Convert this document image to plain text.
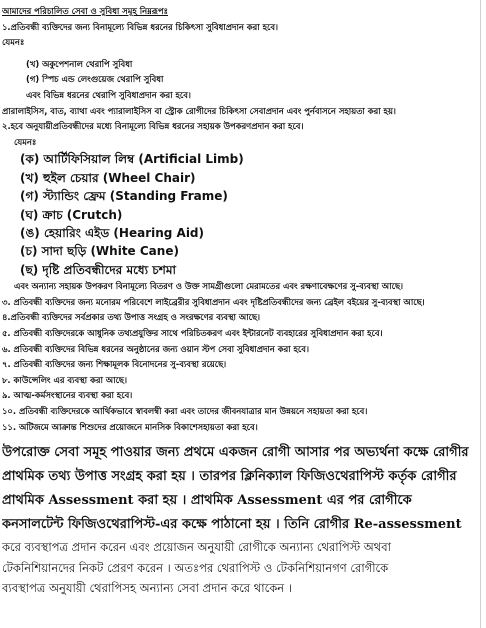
আমাদের পরিচালিত সেবা ও সুবিধা সমূহ নিম্নরূপঃ
১.প্রতিবন্ধী ব্যক্তিদের জন্য বিনামূল্যে বিভিন্ন ধরনের চিকিৎসা সুবিধাপ্রদান করা হবে।
যেমনঃ
(খ) অকুপেশনাল থেরাপি সুবিধা
(গ) স্পিচ এন্ড লেংগুয়েজ থেরাপি সুবিধা
এবং বিভিন্ন ধরনের থেরাপি সুবিধাপ্রদান করা হবে।
প্রারালাইসিস, বাত, ব্যাথা এবং প্যারালাইসিস বা স্ট্রোক রোগীদের চিকিৎসা সেবাপ্রদান এবং পুর্নবাসনে সহায়তা করা হয়।
২.হবে অনুযায়ীপ্রতিবন্ধীদের মধ্যে বিনামূল্যে বিভিন্ন ধরনের সহায়ক উপকরণপ্রদান করা হবে।
যেমনঃ
(ক) আর্টিফিসিয়াল লিম্ব (Artificial Limb)
(খ) হুইল চেয়ার (Wheel Chair)
(গ) স্ট্যান্ডিং ফ্রেম (Standing Frame)
(ঘ) ক্রাচ (Crutch)
(ঙ) হেয়ারিং এইড (Hearing Aid)
(চ) সাদা ছড়ি (White Cane)
(ছ) দৃষ্টি প্রতিবন্ধীদের মধ্যে চশমা
এবং অন্যান্য সহায়ক উপকরণ বিনামূল্যে বিতরণ ও উক্ত সামগ্রীগুলো মেরামতের এবং রক্ষণাবেক্ষণের সু-ব্যবস্থা আছে।
৩. প্রতিবন্ধী ব্যক্তিদের জন্য মনোরম পরিবেশে লাইব্রেরীর সুবিধাপ্রদান এবং দৃষ্টিপ্রতিবন্ধীদের জন্য ব্রেইল বইয়ের সু-ব্যবস্থা আছে।
৪.প্রতিবন্ধী ব্যক্তিদের সর্বপ্রকার তথ্য উপাত্ত সংগ্রহ ও সংরক্ষণের ব্যবস্থা আছে।
৫. প্রতিবন্ধী ব্যক্তিদেরকে আধুনিক তথ্যপ্রযুক্তির সাথে পরিচিতকরণ এবং ইন্টারনেট ব্যবহারের সুবিধাপ্রদান করা হবে।
৬. প্রতিবন্ধী ব্যক্তিদের বিভিন্ন ধরনের অনুষ্ঠানের জন্য ওয়ান স্টপ সেবা সুবিধাপ্রদান করা হবে।
৭. প্রতিবন্ধী ব্যক্তিদের জন্য শিক্ষামূলক বিনোদনের সু-ব্যবস্থা রয়েছে।
৮. কাউন্সেলিং এর ব্যবস্থা করা আছে।
৯. আত্ম-কর্মসংস্থানের ব্যবস্থা করা হবে।
১০. প্রতিবন্ধী ব্যক্তিদেরকে আর্থিকভাবে স্বাবলম্বী করা এবং তাদের জীবনযাত্রার মান উন্নয়নে সহায়তা করা হবে।
১১. অটিজমে আক্রান্ত শিশুদের প্রয়োজনে মানসিক বিকাশেসহায়তা করা হবে।
উপরোক্ত সেবা সমূহ পাওয়ার জন্য প্রথমে একজন রোগী আসার পর অভ্যর্থনা কক্ষে রোগীর
প্রাথমিক তথ্য উপাত্ত সংগ্রহ করা হয় । তারপর ক্লিনিক্যাল ফিজিওথেরাপিস্ট কর্তৃক রোগীর
প্রাথমিক Assessment করা হয় । প্রাথমিক Assessment এর পর রোগীকে
কনসালটেন্ট ফিজিওথেরাপিস্ট-এর কক্ষে পাঠানো হয় । তিনি রোগীর Re-assessment
করে ব্যবস্থাপত্র প্রদান করেন এবং প্রয়োজন অনুযায়ী রোগীকে অন্যান্য থেরাপিস্ট অথবা
টেকনিশিয়ানদের নিকট প্রেরণ করেন । অতঃপর থেরাপিস্ট ও টেকনিশিয়ানগণ রোগীকে
ব্যবস্থাপত্র অনুযায়ী থেরাপিসহ অন্যান্য সেবা প্রদান করে থাকেন ।
